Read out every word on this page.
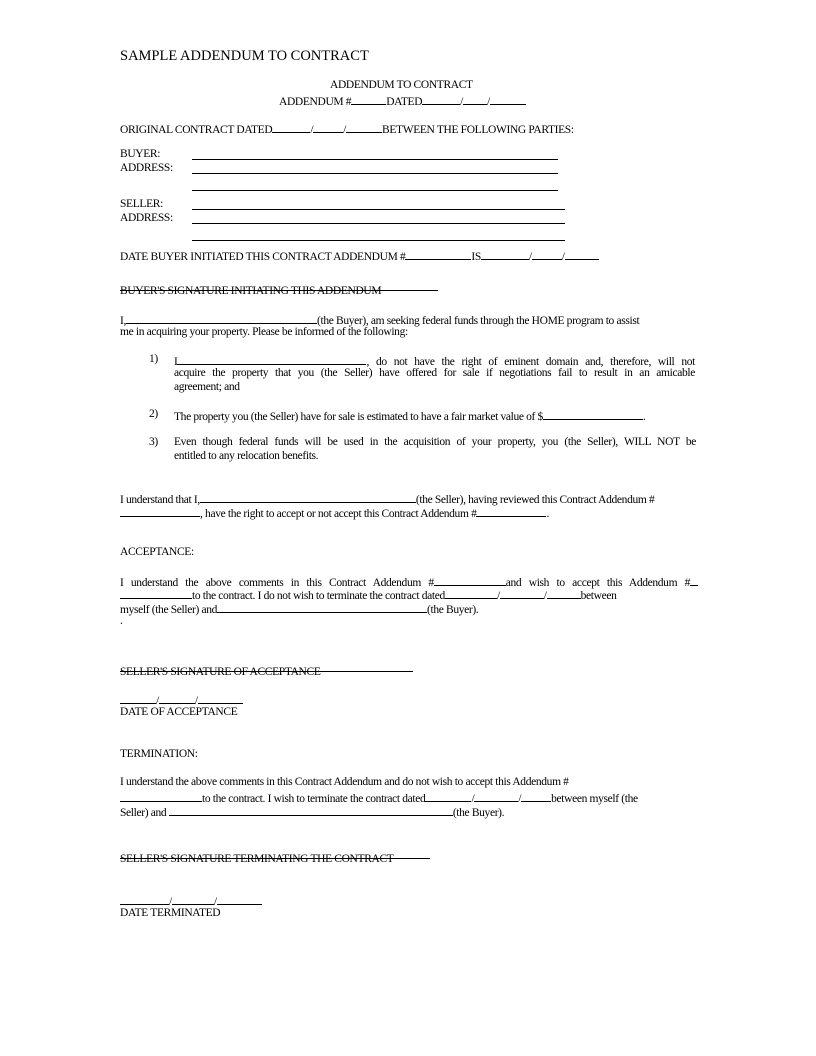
SAMPLE ADDENDUM TO CONTRACT
ADDENDUM TO CONTRACT
ADDENDUM #	DATED	/ /
ORIGINAL CONTRACT DATED	/	/	BETWEEN THE FOLLOWING PARTIES:
BUYER:
ADDRESS:
SELLER:
ADDRESS:
DATE BUYER INITIATED THIS CONTRACT ADDENDUM #	IS	/	/
BUYER'S SIGNATURE INITIATING THIS ADDENDUM
I,	(the Buyer), am seeking federal funds through the HOME program to assist
me in acquiring your property. Please be informed of the following:
1) I	, do not have the right of eminent domain and, therefore, will not
acquire the property that you (the Seller) have offered for sale if negotiations fail to result in an amicable
agreement; and
2) The property you (the Seller) have for sale is estimated to have a fair market value of $	.
3) Even though federal funds will be used in the acquisition of your property, you (the Seller), WILL NOT be
entitled to any relocation benefits.
I understand that I,	(the Seller), having reviewed this Contract Addendum #
, have the right to accept or not accept this Contract Addendum #	.
ACCEPTANCE:
I understand the above comments in this Contract Addendum #	and wish to accept this Addendum #
to the contract. I do not wish to terminate the contract dated	/	/	between
myself (the Seller) and	(the Buyer).
.
SELLER'S SIGNATURE OF ACCEPTANCE
/	/
DATE OF ACCEPTANCE
TERMINATION:
I understand the above comments in this Contract Addendum and do not wish to accept this Addendum #
to the contract. I wish to terminate the contract dated	/	/	between myself (the
Seller) and	(the Buyer).
SELLER'S SIGNATURE TERMINATING THE CONTRACT
/	/
DATE TERMINATED
